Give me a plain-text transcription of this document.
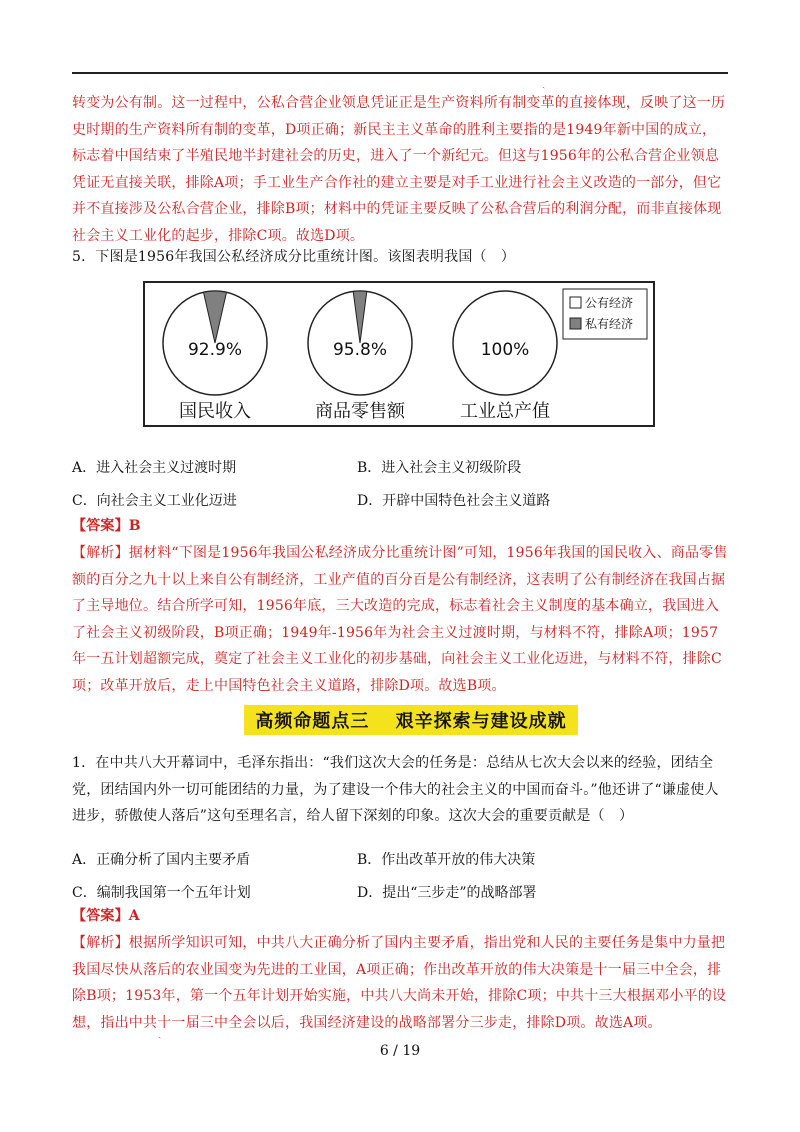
ˏ

转变为公有制。这一过程中，公私合营企业领息凭证正是生产资料所有制变革的直接体现，反映了这一历史时期的生产资料所有制的变革，D项正确；新民主主义革命的胜利主要指的是1949年新中国的成立，标志着中国结束了半殖民地半封建社会的历史，进入了一个新纪元。但这与1956年的公私合营企业领息凭证无直接关联，排除A项；手工业生产合作社的建立主要是对手工业进行社会主义改造的一部分，但它并不直接涉及公私合营企业，排除B项；材料中的凭证主要反映了公私合营后的利润分配，而非直接体现社会主义工业化的起步，排除C项。故选D项。

5．下图是1956年我国公私经济成分比重统计图。该图表明我国（　）

92.9%
国民收入
95.8%
商品零售额
100%
工业总产值
公有经济
私有经济
A．进入社会主义过渡时期	B．进入社会主义初级阶段
C．向社会主义工业化迈进	D．开辟中国特色社会主义道路
【答案】B

【解析】据材料“下图是1956年我国公私经济成分比重统计图”可知，1956年我国的国民收入、商品零售额的百分之九十以上来自公有制经济，工业产值的百分百是公有制经济，这表明了公有制经济在我国占据了主导地位。结合所学可知，1956年底，三大改造的完成，标志着社会主义制度的基本确立，我国进入了社会主义初级阶段，B项正确；1949年-1956年为社会主义过渡时期，与材料不符，排除A项；1957年一五计划超额完成，奠定了社会主义工业化的初步基础，向社会主义工业化迈进，与材料不符，排除C项；改革开放后，走上中国特色社会主义道路，排除D项。故选B项。

高频命题点三　 艰辛探索与建设成就

1．在中共八大开幕词中，毛泽东指出：“我们这次大会的任务是：总结从七次大会以来的经验，团结全党，团结国内外一切可能团结的力量，为了建设一个伟大的社会主义的中国而奋斗。”他还讲了“谦虚使人进步，骄傲使人落后”这句至理名言，给人留下深刻的印象。这次大会的重要贡献是（　）

A．正确分析了国内主要矛盾	B．作出改革开放的伟大决策
C．编制我国第一个五年计划	D．提出“三步走”的战略部署
【答案】A

【解析】根据所学知识可知，中共八大正确分析了国内主要矛盾，指出党和人民的主要任务是集中力量把我国尽快从落后的农业国变为先进的工业国，A项正确；作出改革开放的伟大决策是十一届三中全会，排除B项；1953年，第一个五年计划开始实施，中共八大尚未开始，排除C项；中共十三大根据邓小平的设想，指出中共十一届三中全会以后，我国经济建设的战略部署分三步走，排除D项。故选A项。

ˏ
6 / 19
